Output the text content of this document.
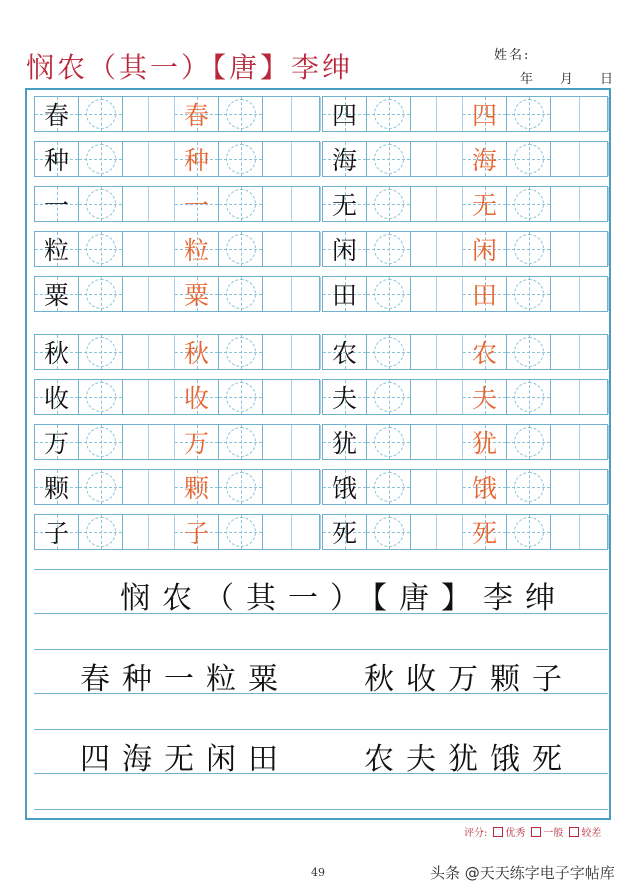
悯农（其一）【唐】李绅	姓名:
年 月 日
春	春
种	种
一	一
粒	粒
粟	粟
四	四
海	海
无	无
闲	闲
田	田
秋	秋
收	收
万	万
颗	颗
子	子
农	农
夫	夫
犹	犹
饿	饿
死	死
悯农（其一）【唐】李绅
春种一粒粟 秋收万颗子
四海无闲田 农夫犹饿死
评分: 优秀 一般 较差
49	头条 @天天练字电子字帖库
